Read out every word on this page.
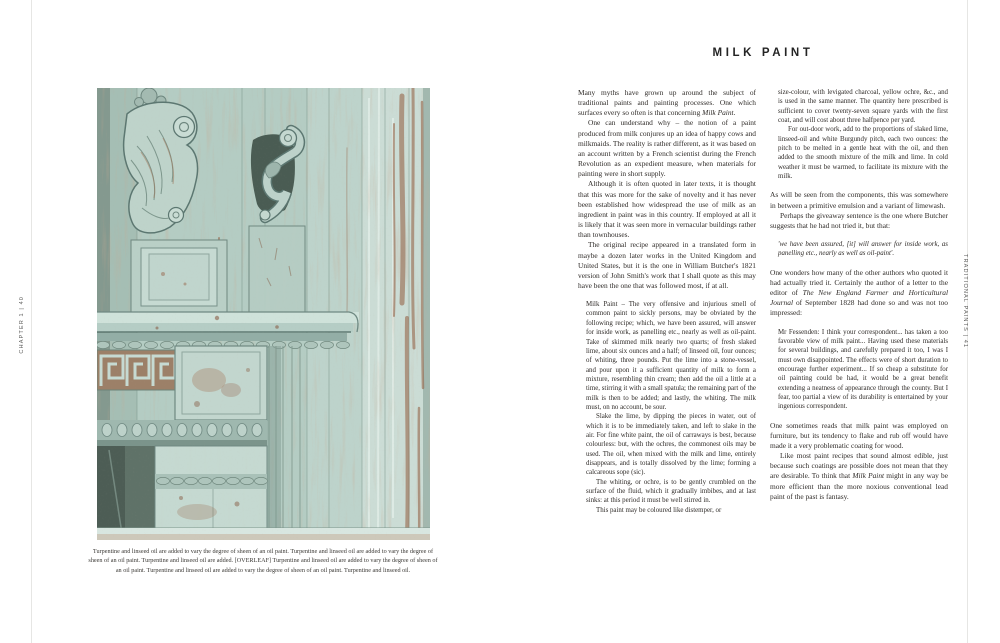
CHAPTER 1 | 40	TRADITIONAL PAINTS | 41
Turpentine and linseed oil are added to vary the degree of sheen of an oil paint. Turpentine and linseed oil are added to vary the degree of sheen of an oil paint. Turpentine and linseed oil are added. [OVERLEAF] Turpentine and linseed oil are added to vary the degree of sheen of an oil paint. Turpentine and linseed oil are added to vary the degree of sheen of an oil paint. Turpentine and linseed oil.
MILK PAINT

Many myths have grown up around the subject of traditional paints and painting processes. One which surfaces every so often is that concerning Milk Paint.

One can understand why – the notion of a paint produced from milk conjures up an idea of happy cows and milkmaids. The reality is rather different, as it was based on an account written by a French scientist during the French Revolution as an expedient measure, when materials for painting were in short supply.

Although it is often quoted in later texts, it is thought that this was more for the sake of novelty and it has never been established how widespread the use of milk as an ingredient in paint was in this country. If employed at all it is likely that it was seen more in vernacular buildings rather than townhouses.

The original recipe appeared in a translated form in maybe a dozen later works in the United Kingdom and United States, but it is the one in William Butcher's 1821 version of John Smith's work that I shall quote as this may have been the one that was followed most, if at all.

Milk Paint – The very offensive and injurious smell of common paint to sickly persons, may be obviated by the following recipe; which, we have been assured, will answer for inside work, as panelling etc., nearly as well as oil-paint. Take of skimmed milk nearly two quarts; of fresh slaked lime, about six ounces and a half; of linseed oil, four ounces; of whiting, three pounds. Put the lime into a stone-vessel, and pour upon it a sufficient quantity of milk to form a mixture, resembling thin cream; then add the oil a little at a time, stirring it with a small spatula; the remaining part of the milk is then to be added; and lastly, the whiting. The milk must, on no account, be sour.

Slake the lime, by dipping the pieces in water, out of which it is to be immediately taken, and left to slake in the air. For fine white paint, the oil of carraways is best, because colourless: but, with the ochres, the commonest oils may be used. The oil, when mixed with the milk and lime, entirely disappears, and is totally dissolved by the lime; forming a calcareous sope (sic).

The whiting, or ochre, is to be gently crumbled on the surface of the fluid, which it gradually imbibes, and at last sinks: at this period it must be well stirred in.

This paint may be coloured like distemper, or

size-colour, with levigated charcoal, yellow ochre, &c., and is used in the same manner. The quantity here prescribed is sufficient to cover twenty-seven square yards with the first coat, and will cost about three halfpence per yard.

For out-door work, add to the proportions of slaked lime, linseed-oil and white Burgundy pitch, each two ounces: the pitch to be melted in a gentle heat with the oil, and then added to the smooth mixture of the milk and lime. In cold weather it must be warmed, to facilitate its mixture with the milk.

As will be seen from the components, this was somewhere in between a primitive emulsion and a variant of limewash.

Perhaps the giveaway sentence is the one where Butcher suggests that he had not tried it, but that:

'we have been assured, [it] will answer for inside work, as panelling etc., nearly as well as oil-paint'.

One wonders how many of the other authors who quoted it had actually tried it. Certainly the author of a letter to the editor of The New England Farmer and Horticultural Journal of September 1828 had done so and was not too impressed:

Mr Fessenden: I think your correspondent... has taken a too favorable view of milk paint... Having used these materials for several buildings, and carefully prepared it too, I was I must own disappointed. The effects were of short duration to encourage further experiment... If so cheap a substitute for oil painting could be had, it would be a great benefit extending a neatness of appearance through the county. But I fear, too partial a view of its durability is entertained by your ingenious correspondent.

One sometimes reads that milk paint was employed on furniture, but its tendency to flake and rub off would have made it a very problematic coating for wood.

Like most paint recipes that sound almost edible, just because such coatings are possible does not mean that they are desirable. To think that Milk Paint might in any way be more efficient than the more noxious conventional lead paint of the past is fantasy.
